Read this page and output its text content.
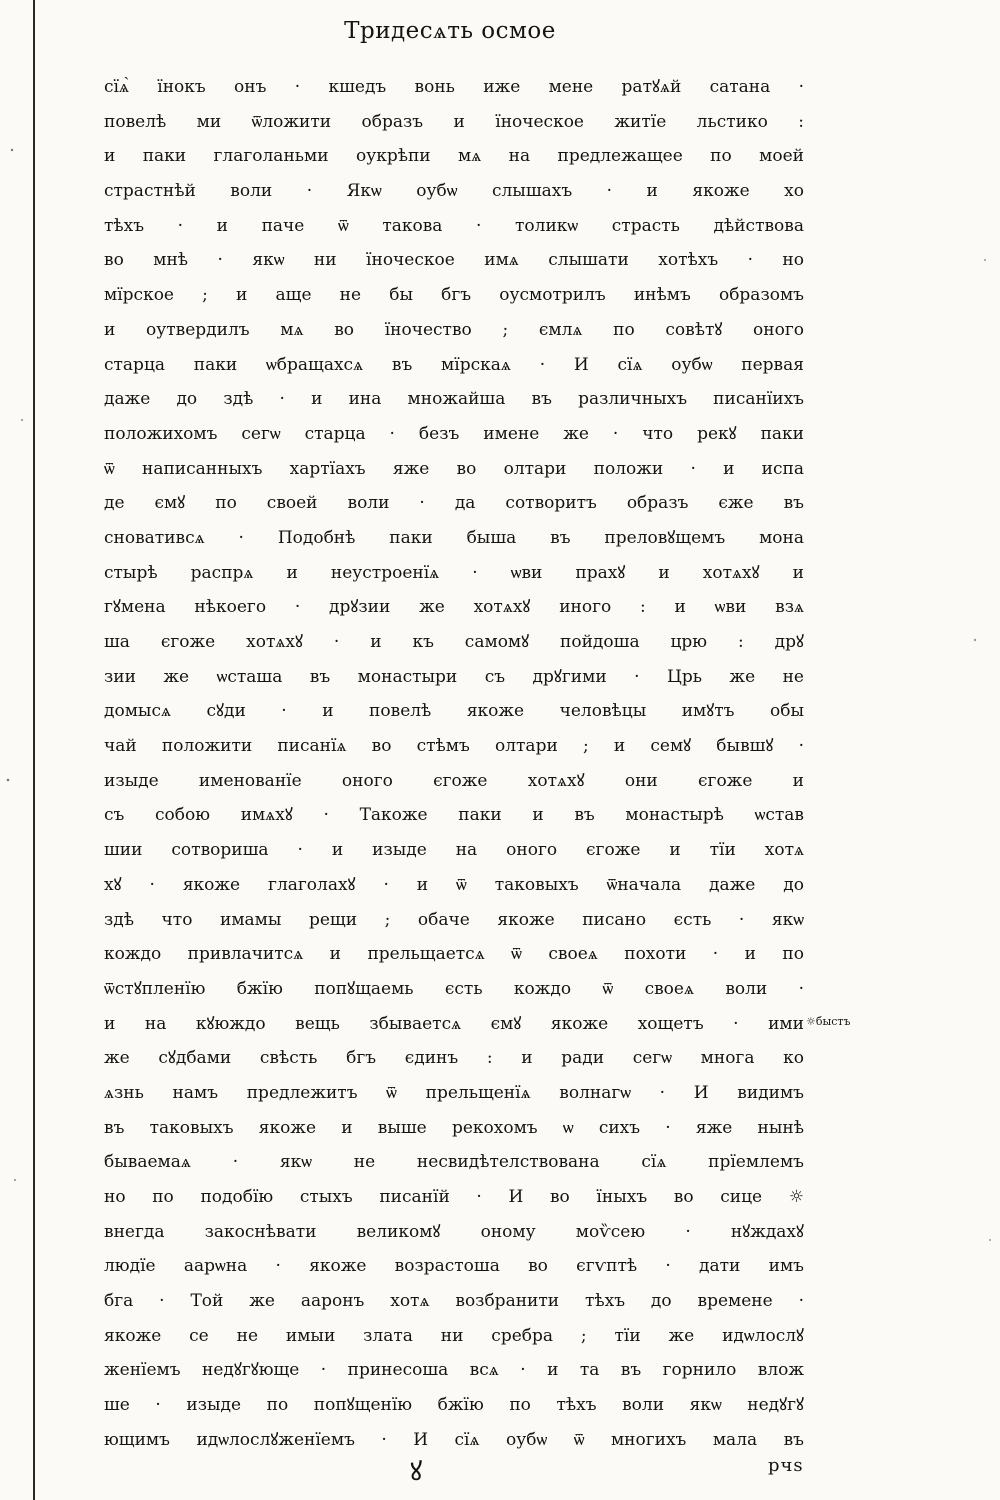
Тридесѧть осмое
сїѧ̀ їнокъ онъ · кшедъ вонь иже мене ратꙋѧй сатана ·
повелѣ ми ѿложити образъ и їноческое житїе льстико :
и паки глаголаньми оукрѣпи мѧ на предлежащее по моей
страстнѣй воли · Якѡ оубѡ слышахъ · и якоже хо
тѣхъ · и паче ѿ такова · толикѡ страсть дѣйствова
во мнѣ · якѡ ни їноческое имѧ слышати хотѣхъ · но
мїрское ; и аще не бы бгъ оусмотрилъ инѣмъ образомъ
и оутвердилъ мѧ во їночество ; ємлѧ по совѣтꙋ оного
старца паки ѡбращахсѧ въ мїрскаѧ · И сїѧ оубѡ первая
даже до здѣ · и ина множайша въ различныхъ писанїихъ
положихомъ сегѡ старца · безъ имене же · что рекꙋ паки
ѿ написанныхъ хартїахъ яже во олтари положи · и испа
де ємꙋ по своей воли · да сотворитъ образъ єже въ
сновативсѧ · Подобнѣ паки быша въ преловꙋщемъ мона
стырѣ распрѧ и неустроенїѧ · ѡви прахꙋ и хотѧхꙋ и
гꙋмена нѣкоего · дрꙋзии же хотѧхꙋ иного : и ѡви взѧ
ша єгоже хотѧхꙋ · и къ самомꙋ пойдоша црю : дрꙋ
зии же ѡсташа въ монастыри съ дрꙋгими · Црь же не
домысѧ сꙋди · и повелѣ якоже человѣцы имꙋтъ обы
чай положити писанїѧ во стѣмъ олтари ; и семꙋ бывшꙋ ·
изыде именованїе оного єгоже хотѧхꙋ они єгоже и
съ собою имѧхꙋ · Такоже паки и въ монастырѣ ѡстав
шии сотвориша · и изыде на оного єгоже и тїи хотѧ
хꙋ · якоже глаголахꙋ · и ѿ таковыхъ ѿначала даже до
здѣ что имамы рещи ; обаче якоже писано єсть · якѡ
кождо привлачитсѧ и прельщаетсѧ ѿ своеѧ похоти · и по
ѿстꙋпленїю бжїю попꙋщаемь єсть кождо ѿ своеѧ воли ·
и на кꙋюждо вещь збываетсѧ ємꙋ якоже хощетъ · ими
же сꙋдбами свѣсть бгъ єдинъ : и ради сегѡ многа ко
ѧзнь намъ предлежитъ ѿ прельщенїѧ волнагѡ · И видимъ
въ таковыхъ якоже и выше рекохомъ ѡ сихъ · яже нынѣ
бываемаѧ · якѡ не несвидѣтелствована сїѧ прїемлемъ
но по подобїю стыхъ писанїй · И во їныхъ во сице ☼
внегда закоснѣвати великомꙋ оному моѷсею · нꙋждахꙋ
людїе аарѡна · якоже возрастоша во єгѵптѣ · дати имъ
бга · Той же ааронъ хотѧ возбранити тѣхъ до времене ·
якоже се не имыи злата ни сребра ; тїи же идѡлослꙋ
женїемъ недꙋгꙋюще · принесоша всѧ · и та въ горнило влож
ше · изыде по попꙋщенїю бжїю по тѣхъ воли якѡ недꙋгꙋ
ющимъ идѡлослꙋженїемъ · И сїѧ оубѡ ѿ многихъ мала въ
☼быстъ
ꙋ	рчѕ
